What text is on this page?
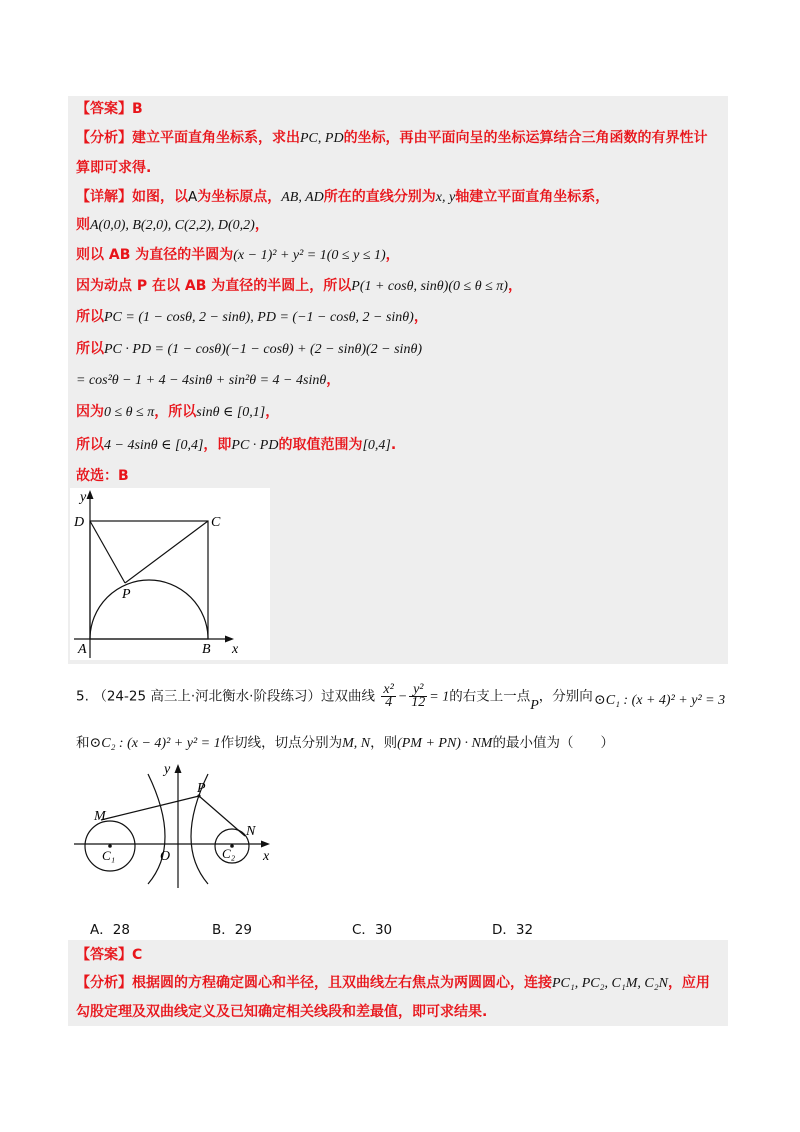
【答案】B
【分析】建立平面直角坐标系，求出PC, PD的坐标，再由平面向呈的坐标运算结合三角函数的有界性计
算即可求得.
【详解】如图，以A为坐标原点，AB, AD所在的直线分别为x, y轴建立平面直角坐标系，
则A(0,0), B(2,0), C(2,2), D(0,2)，
则以 AB 为直径的半圆为(x − 1)² + y² = 1(0 ≤ y ≤ 1)，
因为动点 P 在以 AB 为直径的半圆上，所以P(1 + cosθ, sinθ)(0 ≤ θ ≤ π)，
所以PC = (1 − cosθ, 2 − sinθ), PD = (−1 − cosθ, 2 − sinθ)，
所以PC · PD = (1 − cosθ)(−1 − cosθ) + (2 − sinθ)(2 − sinθ)
= cos²θ − 1 + 4 − 4sinθ + sin²θ = 4 − 4sinθ，
因为0 ≤ θ ≤ π，所以sinθ ∈ [0,1]，
所以4 − 4sinθ ∈ [0,4]，即PC · PD的取值范围为[0,4].
故选：B
y
D	C
P
A	B x
5. （24-25 高三上·河北衡水·阶段练习）过双曲线 $\frac{\text{x²}}{4} - \frac{\text{y²}}{12} = 1$的右支上一点P，分别向 ⊙C₁ : (x + 4)² + y² = 3
和⊙C₂ : (x − 4)² + y² = 1作切线，切点分别为M, N，则(PM + PN) · NM的最小值为（　　）
y
P
M
N
C₁	O	C₂ x
A．28	B．29	C．30	D．32
【答案】C
【分析】根据圆的方程确定圆心和半径，且双曲线左右焦点为两圆圆心，连接PC₁, PC₂, C₁M, C₂N，应用
勾股定理及双曲线定义及已知确定相关线段和差最值，即可求结果.
